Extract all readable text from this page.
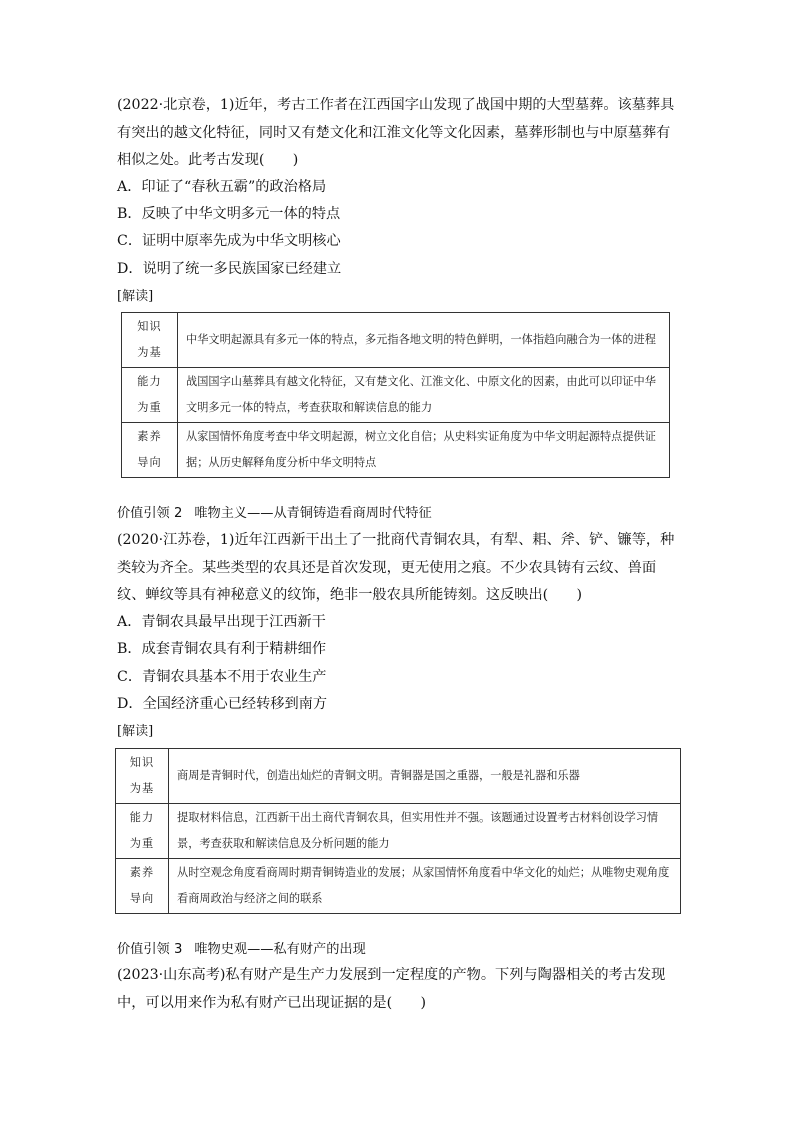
(2022·北京卷，1)近年，考古工作者在江西国字山发现了战国中期的大型墓葬。该墓葬具有突出的越文化特征，同时又有楚文化和江淮文化等文化因素，墓葬形制也与中原墓葬有相似之处。此考古发现(　　)

A．印证了“春秋五霸”的政治格局
B．反映了中华文明多元一体的特点
C．证明中原率先成为中华文明核心
D．说明了统一多民族国家已经建立
[解读]
知识
为基	中华文明起源具有多元一体的特点，多元指各地文明的特色鲜明，一体指趋向融合为一体的进程

能力
为重	战国国字山墓葬具有越文化特征，又有楚文化、江淮文化、中原文化的因素，由此可以印证中华文明多元一体的特点，考查获取和解读信息的能力

素养
导向	从家国情怀角度考查中华文明起源，树立文化自信；从史料实证角度为中华文明起源特点提供证据；从历史解释角度分析中华文明特点
价值引领 2 唯物主义——从青铜铸造看商周时代特征

(2020·江苏卷，1)近年江西新干出土了一批商代青铜农具，有犁、耜、斧、铲、镰等，种类较为齐全。某些类型的农具还是首次发现，更无使用之痕。不少农具铸有云纹、兽面纹、蝉纹等具有神秘意义的纹饰，绝非一般农具所能铸刻。这反映出(　　)

A．青铜农具最早出现于江西新干
B．成套青铜农具有利于精耕细作
C．青铜农具基本不用于农业生产
D．全国经济重心已经转移到南方
[解读]
知识
为基	商周是青铜时代，创造出灿烂的青铜文明。青铜器是国之重器，一般是礼器和乐器

能力
为重	提取材料信息，江西新干出土商代青铜农具，但实用性并不强。该题通过设置考古材料创设学习情景，考查获取和解读信息及分析问题的能力

素养
导向	从时空观念角度看商周时期青铜铸造业的发展；从家国情怀角度看中华文化的灿烂；从唯物史观角度看商周政治与经济之间的联系
价值引领 3 唯物史观——私有财产的出现

(2023·山东高考)私有财产是生产力发展到一定程度的产物。下列与陶器相关的考古发现中，可以用来作为私有财产已出现证据的是(　　)
